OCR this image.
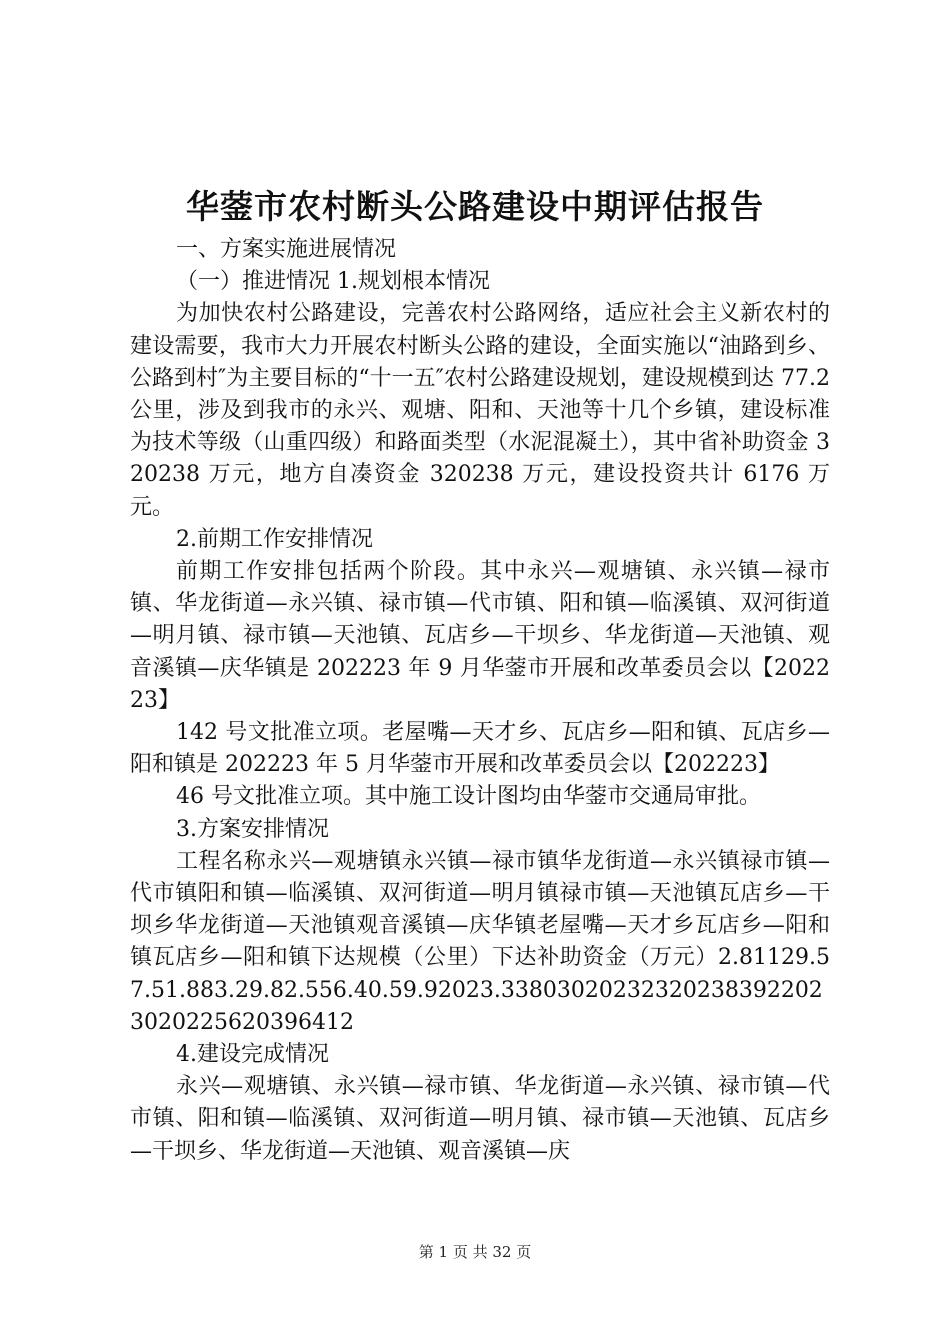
华蓥市农村断头公路建设中期评估报告

一、方案实施进展情况

（一）推进情况 1.规划根本情况

为加快农村公路建设，完善农村公路网络，适应社会主义新农村的建设需要，我市大力开展农村断头公路的建设，全面实施以“油路到乡、公路到村″为主要目标的“十一五″农村公路建设规划，建设规模到达 77.2 公里，涉及到我市的永兴、观塘、阳和、天池等十几个乡镇，建设标准为技术等级（山重四级）和路面类型（水泥混凝土），其中省补助资金 320238 万元，地方自凑资金 320238 万元，建设投资共计 6176 万元。

2.前期工作安排情况

前期工作安排包括两个阶段。其中永兴—观塘镇、永兴镇—禄市镇、华龙街道—永兴镇、禄市镇—代市镇、阳和镇—临溪镇、双河街道—明月镇、禄市镇—天池镇、瓦店乡—干坝乡、华龙街道—天池镇、观音溪镇—庆华镇是 202223 年 9 月华蓥市开展和改革委员会以【202223】

142 号文批准立项。老屋嘴—天才乡、瓦店乡—阳和镇、瓦店乡—阳和镇是 202223 年 5 月华蓥市开展和改革委员会以【202223】

46 号文批准立项。其中施工设计图均由华蓥市交通局审批。

3.方案安排情况

工程名称永兴—观塘镇永兴镇—禄市镇华龙街道—永兴镇禄市镇—代市镇阳和镇—临溪镇、双河街道—明月镇禄市镇—天池镇瓦店乡—干坝乡华龙街道—天池镇观音溪镇—庆华镇老屋嘴—天才乡瓦店乡—阳和镇瓦店乡—阳和镇下达规模（公里）下达补助资金（万元）2.81129.57.51.883.29.82.556.40.59.92023.3380302023232023839220230202256203964​12

4.建设完成情况

永兴—观塘镇、永兴镇—禄市镇、华龙街道—永兴镇、禄市镇—代市镇、阳和镇—临溪镇、双河街道—明月镇、禄市镇—天池镇、瓦店乡—干坝乡、华龙街道—天池镇、观音溪镇—庆

第 1 页 共 32 页
